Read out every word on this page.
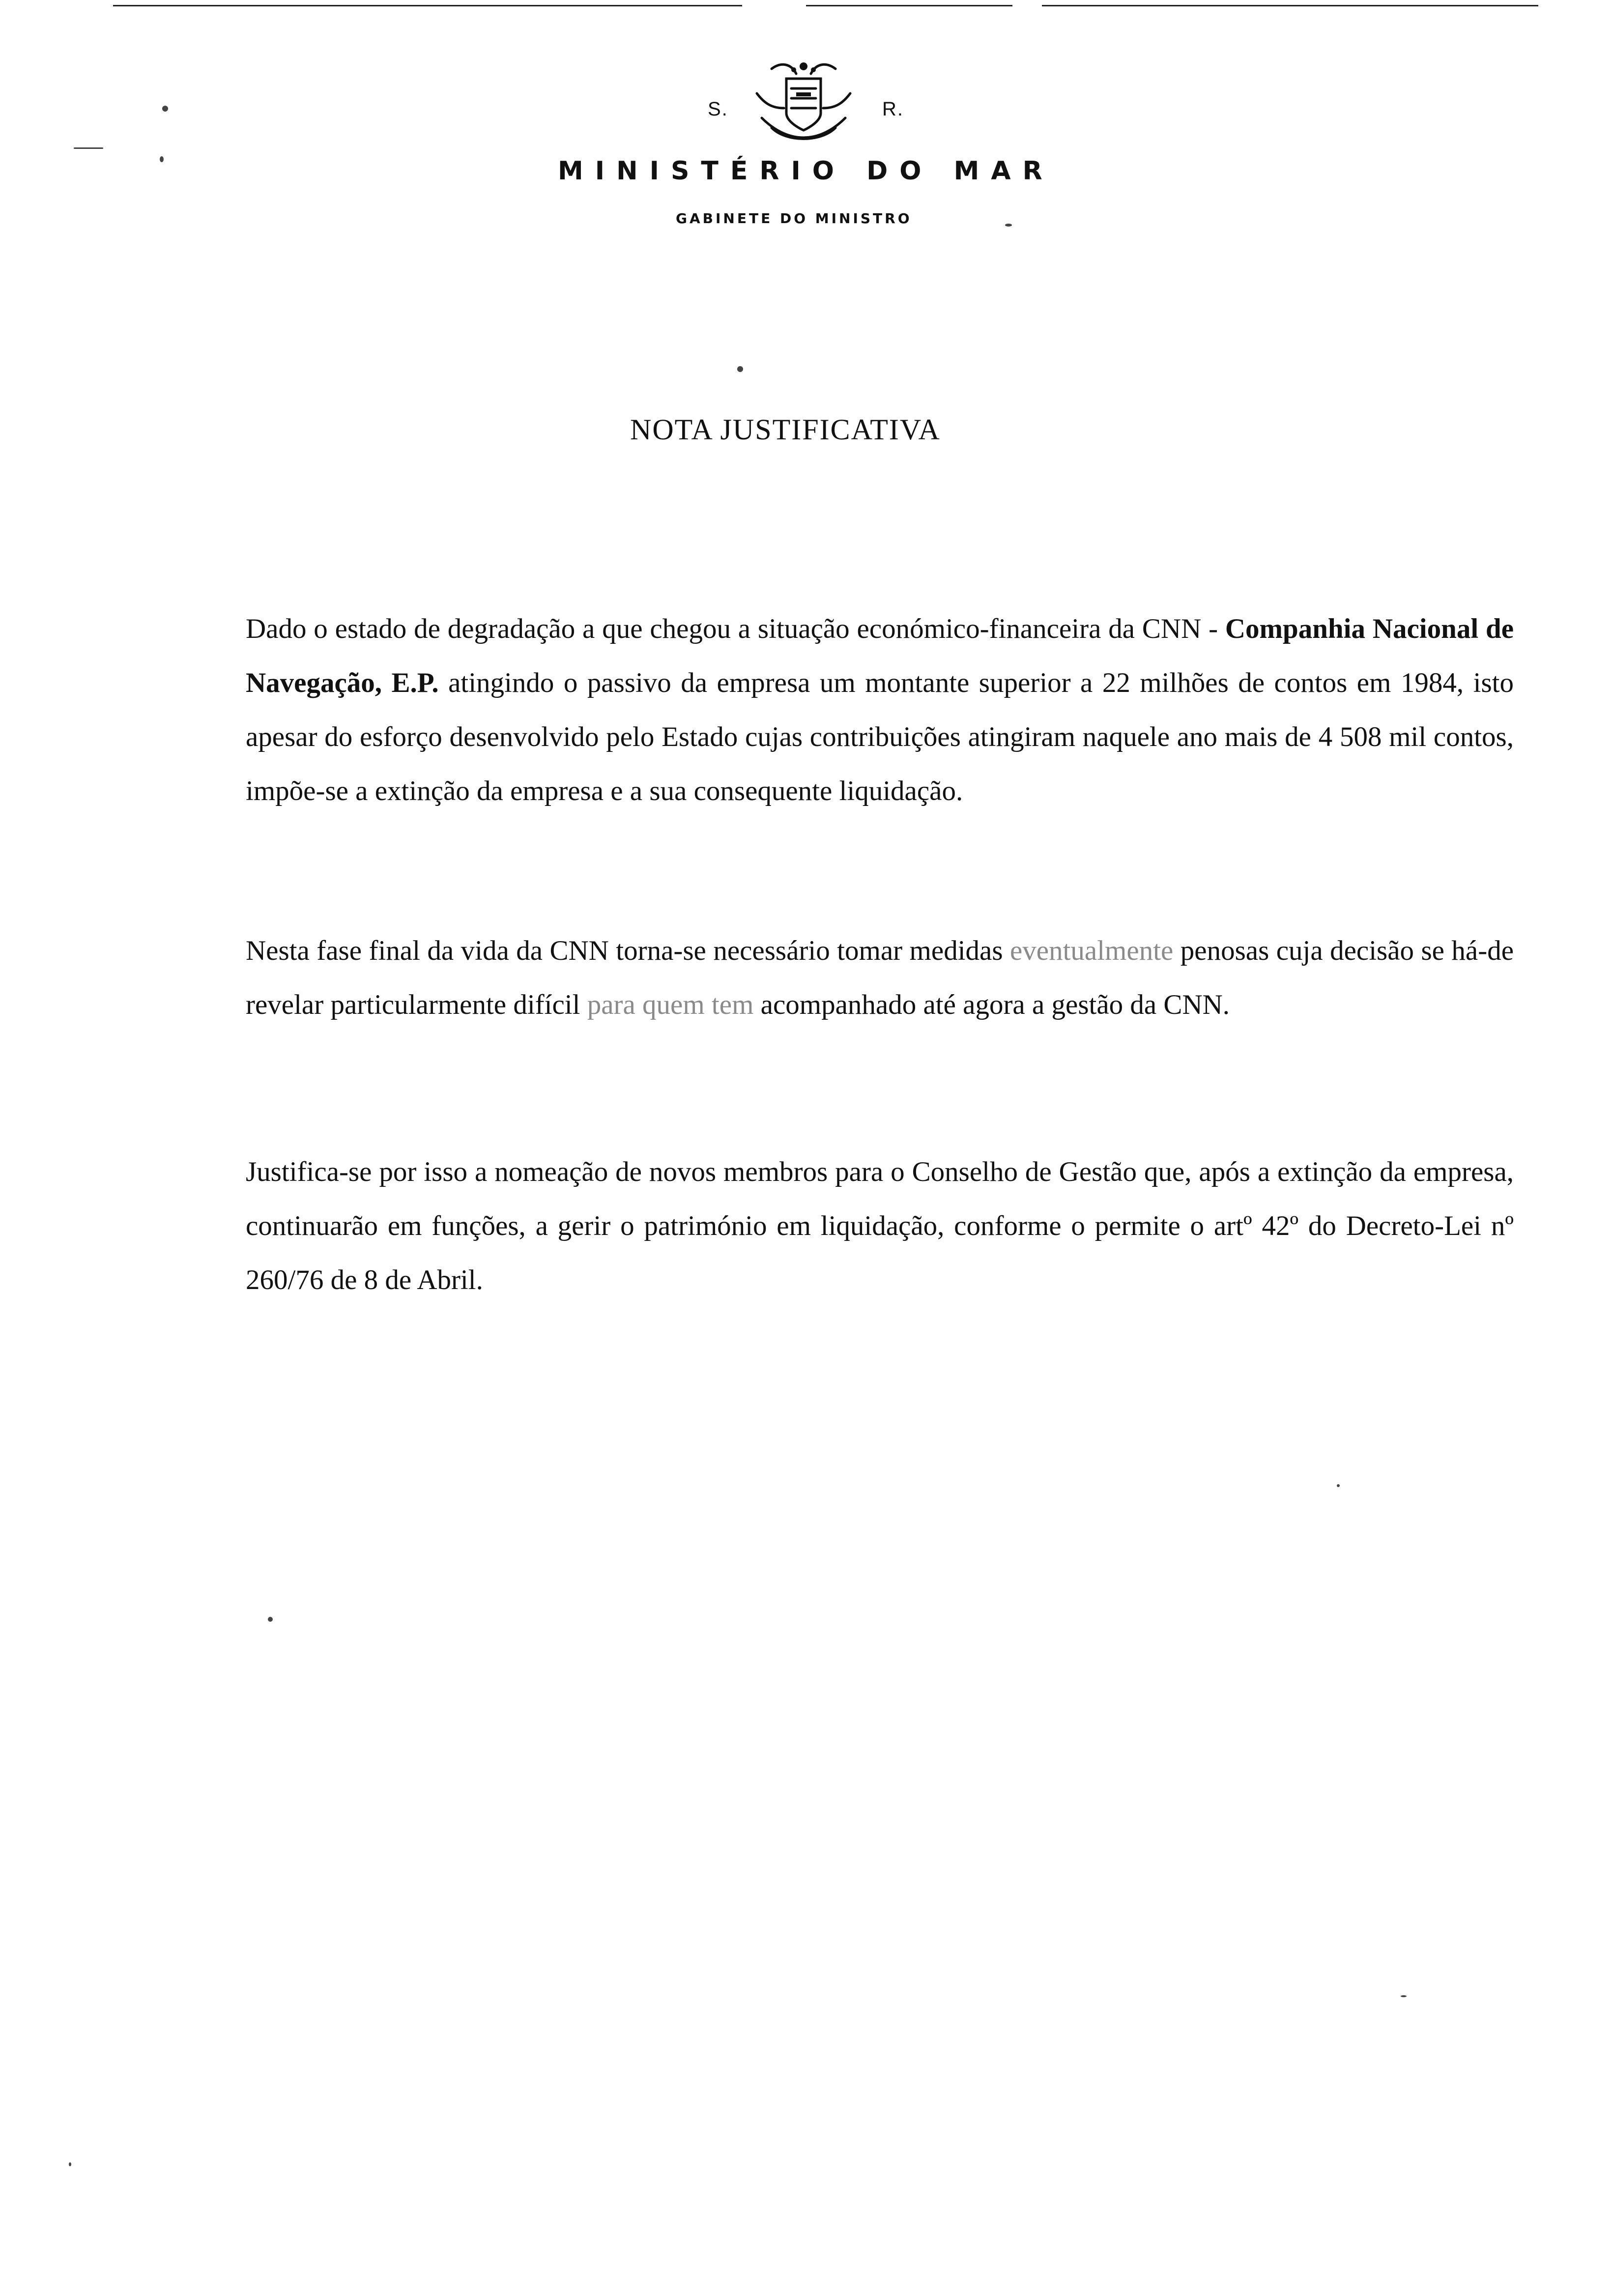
S.	R.
MINISTÉRIO DO MAR
GABINETE DO MINISTRO
NOTA JUSTIFICATIVA

Dado o estado de degradação a que chegou a situação económico-financeira da CNN - Companhia Nacional de Navegação, E.P. atingindo o passivo da empresa um montante superior a 22 milhões de contos em 1984, isto apesar do esforço desenvolvido pelo Estado cujas contribuições atingiram naquele ano mais de 4 508 mil contos, impõe-se a extinção da empresa e a sua consequente liquidação.

Nesta fase final da vida da CNN torna-se necessário tomar medidas eventualmente penosas cuja decisão se há-de revelar particularmente difícil para quem tem acompanhado até agora a gestão da CNN.

Justifica-se por isso a nomeação de novos membros para o Conselho de Gestão que, após a extinção da empresa, continuarão em funções, a gerir o património em liquidação, conforme o permite o artº 42º do Decreto-Lei nº 260/76 de 8 de Abril.
